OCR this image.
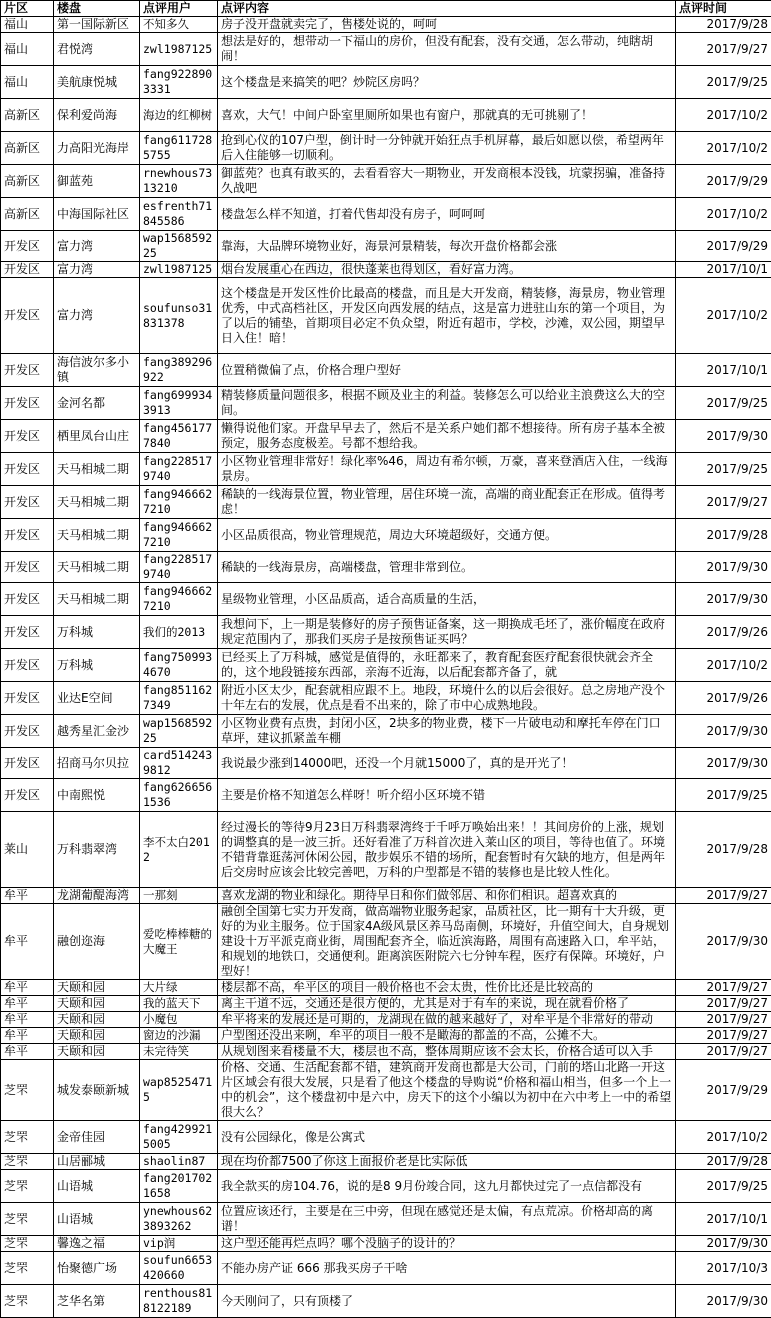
片区	楼盘	点评用户	点评内容	点评时间
福山	第一国际新区	不知多久	房子没开盘就卖完了，售楼处说的，呵呵	2017/9/28
福山	君悦湾	zwl1987125	想法是好的，想带动一下福山的房价，但没有配套，没有交通，怎么带动，纯瞎胡闹！	2017/9/27
福山	美航康悦城	fang9228903331	这个楼盘是来搞笑的吧？炒院区房吗？	2017/9/25
高新区	保利爱尚海	海边的红柳树	喜欢，大气！中间户卧室里厕所如果也有窗户，那就真的无可挑剔了！	2017/10/2
高新区	力高阳光海岸	fang6117285755	抢到心仪的107户型，倒计时一分钟就开始狂点手机屏幕，最后如愿以偿，希望两年后入住能够一切顺利。	2017/10/2
高新区	御蓝苑	rnewhous7313210	御蓝苑？也真有敢买的，去看看容大一期物业，开发商根本没钱，坑蒙拐骗，准备持久战吧	2017/9/29
高新区	中海国际社区	esfrenth71845586	楼盘怎么样不知道，打着代售却没有房子，呵呵呵	2017/10/2
开发区	富力湾	wap156859225	靠海，大品牌环境物业好，海景河景精装，每次开盘价格都会涨	2017/9/29
开发区	富力湾	zwl1987125	烟台发展重心在西边，很快蓬莱也得划区，看好富力湾。	2017/10/1
开发区	富力湾	soufunso31831378	这个楼盘是开发区性价比最高的楼盘，而且是大开发商，精装修，海景房，物业管理优秀，中式高档社区，开发区向西发展的结点，这是富力进驻山东的第一个项目，为了以后的铺垫，首期项目必定不负众望，附近有超市，学校，沙滩，双公园，期望早日入住！暗！	2017/10/2
开发区	海信波尔多小镇	fang389296922	位置稍微偏了点，价格合理户型好	2017/10/1
开发区	金河名都	fang6999343913	精装修质量问题很多，根据不顾及业主的利益。装修怎么可以给业主浪费这么大的空间。	2017/9/25
开发区	栖里凤台山庄	fang4561777840	懒得说他们家。开盘早早去了，然后不是关系户她们都不想接待。所有房子基本全被预定，服务态度极差。号都不想给我。	2017/9/30
开发区	天马相城二期	fang2285179740	小区物业管理非常好！绿化率%46，周边有希尔顿，万豪，喜来登酒店入住，一线海景房。	2017/9/25
开发区	天马相城二期	fang9466627210	稀缺的一线海景位置，物业管理，居住环境一流，高端的商业配套正在形成。值得考虑！	2017/9/27
开发区	天马相城二期	fang9466627210	小区品质很高，物业管理规范，周边大环境超级好，交通方便。	2017/9/28
开发区	天马相城二期	fang2285179740	稀缺的一线海景房，高端楼盘，管理非常到位。	2017/9/30
开发区	天马相城二期	fang9466627210	星级物业管理，小区品质高，适合高质量的生活，	2017/9/30
开发区	万科城	我们的2013	我想问下，上一期是装修好的房子预售证备案，这一期换成毛坯了，涨价幅度在政府规定范围内了，那我们买房子是按预售证买吗？	2017/9/26
开发区	万科城	fang7509934670	已经买上了万科城，感觉是值得的，永旺都来了，教育配套医疗配套很快就会齐全的，这个地段链接东西部，亲海不近海，以后配套都齐备了，就	2017/10/2
开发区	业达E空间	fang8511627349	附近小区太少，配套就相应跟不上。地段，环境什么的以后会很好。总之房地产没个十年左右的发展，优点是看不出来的，除了市中心成熟地段。	2017/9/26
开发区	越秀星汇金沙	wap156859225	小区物业费有点贵，封闭小区，2块多的物业费，楼下一片破电动和摩托车停在门口草坪，建议抓紧盖车棚	2017/9/30
开发区	招商马尔贝拉	card5142439812	我说最少涨到14000吧，还没一个月就15000了，真的是开光了！	2017/9/30
开发区	中南熙悦	fang6266561536	主要是价格不知道怎么样呀！听介绍小区环境不错	2017/9/25
莱山	万科翡翠湾	李不太白2012	经过漫长的等待9月23日万科翡翠湾终于千呼万唤始出来！！其间房价的上涨，规划的调整真的是一波三折。还好看准了万科首次进入莱山区的项目，等待也值了。环境不错背靠逛荡河休闲公园，散步娱乐不错的场所，配套暂时有欠缺的地方，但是两年后交房时应该会比较完善吧，万科的户型都是不错的装修也是比较人性化。	2017/9/28
牟平	龙湖葡醍海湾	一那刻	喜欢龙湖的物业和绿化。期待早日和你们做邻居、和你们相识。超喜欢真的	2017/9/27
牟平	融创迩海	爱吃棒棒糖的大魔王	融创全国第七实力开发商，做高端物业服务起家，品质社区，比一期有十大升级，更好的为业主服务。位于国家4A级风景区养马岛南侧，环境好，升值空间大，自身规划建设十万平派克商业街，周围配套齐全，临近滨海路，周围有高速路入口，牟平站，和规划的地铁口，交通便利。距离滨医附院六七分钟车程，医疗有保障。环境好，户型好！	2017/9/30
牟平	天颐和园	大片绿	楼层都不高，牟平区的项目一般价格也不会太贵，性价比还是比较高的	2017/9/27
牟平	天颐和园	我的蓝天下	离主干道不远，交通还是很方便的，尤其是对于有车的来说，现在就看价格了	2017/9/27
牟平	天颐和园	小魔包	牟平将来的发展还是可期的，龙湖现在做的越来越好了，对牟平是个非常好的带动	2017/9/27
牟平	天颐和园	窗边的沙漏	户型图还没出来咧，牟平的项目一般不是瞰海的都盖的不高，公摊不大。	2017/9/27
牟平	天颐和园	未完待笑	从规划图来看楼量不大，楼层也不高，整体周期应该不会太长，价格合适可以入手	2017/9/27
芝罘	城发泰颐新城	wap85254715	价格、交通、生活配套都不错，建筑商开发商也都是大公司，门前的塔山北路一开这片区域会有很大发展，只是看了他这个楼盘的导购说“价格和福山相当，但多一个上一中的机会”，这个楼盘初中是六中，房天下的这个小编以为初中在六中考上一中的希望很大么？	2017/9/29
芝罘	金帝佳园	fang4299215005	没有公园绿化，像是公寓式	2017/10/2
芝罘	山居郦城	shaolin87	现在均价都7500了你这上面报价老是比实际低	2017/9/28
芝罘	山语城	fang2017021658	我全款买的房104.76，说的是8 9月份竣合同，这九月都快过完了一点信都没有	2017/9/25
芝罘	山语城	ynewhous623893262	位置应该还行，主要是在三中旁，但现在感觉还是太偏，有点荒凉。价格却高的离谱！	2017/10/1
芝罘	馨逸之福	vip润	这户型还能再烂点吗？哪个没脑子的设计的？	2017/9/30
芝罘	怡聚德广场	soufun6653420660	不能办房产证 666 那我买房子干啥	2017/10/3
芝罘	芝华名第	renthous818122189	今天刚问了，只有顶楼了	2017/9/30
